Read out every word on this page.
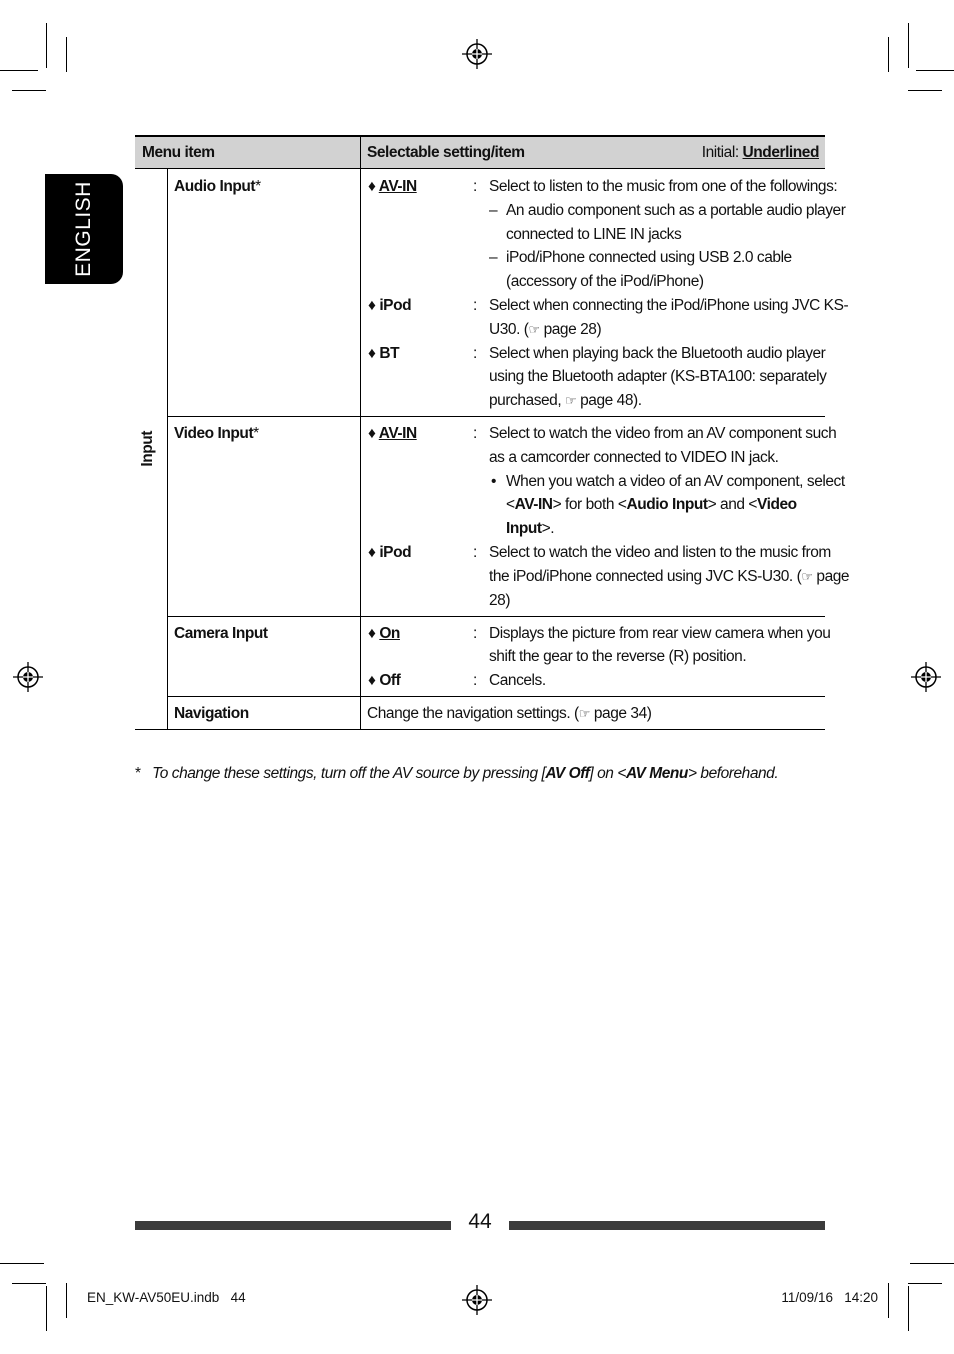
ENGLISH
Menu item	Selectable setting/item	Initial: Underlined
Input
Audio Input*	♦ AV-IN	: Select to listen to the music from one of the followings:
– An audio component such as a portable audio player
connected to LINE IN jacks
– iPod/iPhone connected using USB 2.0 cable
(accessory of the iPod/iPhone)
♦ iPod	: Select when connecting the iPod/iPhone using JVC KS-
U30. (☞ page 28)
♦ BT	: Select when playing back the Bluetooth audio player
using the Bluetooth adapter (KS-BTA100: separately
purchased, ☞ page 48).
Video Input*	♦ AV-IN	: Select to watch the video from an AV component such
as a camcorder connected to VIDEO IN jack.
• When you watch a video of an AV component, select
<AV-IN> for both <Audio Input> and <Video
Input>.
♦ iPod	: Select to watch the video and listen to the music from
the iPod/iPhone connected using JVC KS-U30. (☞ page
28)
Camera Input	♦ On	: Displays the picture from rear view camera when you
shift the gear to the reverse (R) position.
♦ Off	: Cancels.
Navigation	Change the navigation settings. (☞ page 34)
* To change these settings, turn off the AV source by pressing [AV Off] on <AV Menu> beforehand.
44
EN_KW-AV50EU.indb   44	11/09/16   14:20
